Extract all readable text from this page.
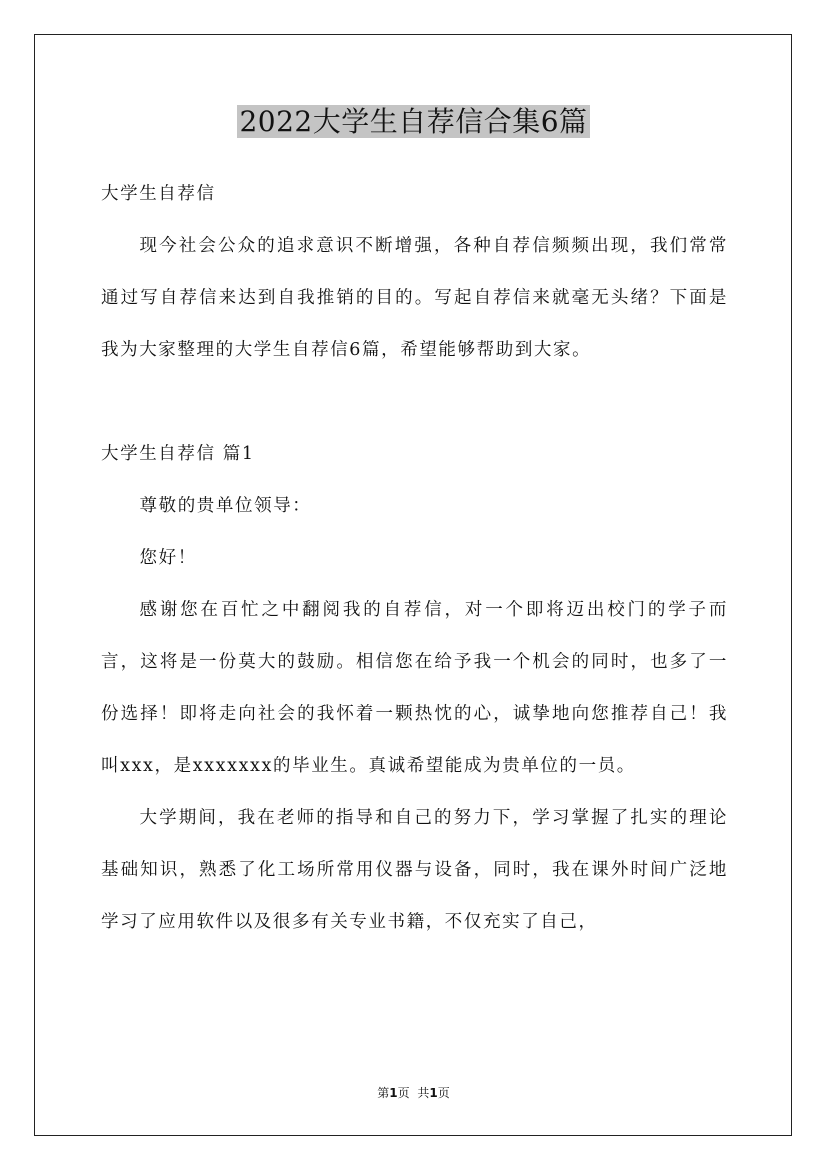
2022大学生自荐信合集6篇

大学生自荐信

现今社会公众的追求意识不断增强，各种自荐信频频出现，我们常常通过写自荐信来达到自我推销的目的。写起自荐信来就毫无头绪？下面是我为大家整理的大学生自荐信6篇，希望能够帮助到大家。

大学生自荐信 篇1

尊敬的贵单位领导：

您好！

感谢您在百忙之中翻阅我的自荐信，对一个即将迈出校门的学子而言，这将是一份莫大的鼓励。相信您在给予我一个机会的同时，也多了一份选择！即将走向社会的我怀着一颗热忱的心，诚挚地向您推荐自己！我叫xxx，是xxxxxxx的毕业生。真诚希望能成为贵单位的一员。

大学期间，我在老师的指导和自己的努力下，学习掌握了扎实的理论基础知识，熟悉了化工场所常用仪器与设备，同时，我在课外时间广泛地学习了应用软件以及很多有关专业书籍，不仅充实了自己，

第1页 共1页
